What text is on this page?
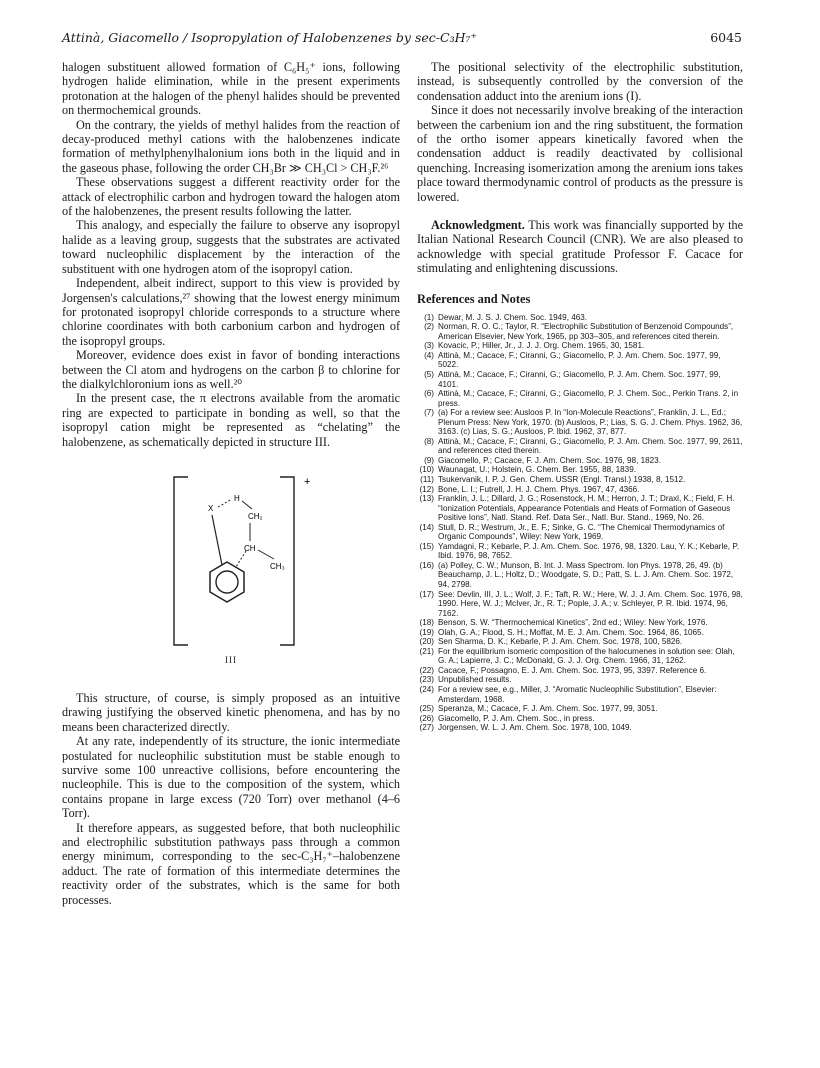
Attinà, Giacomello / Isopropylation of Halobenzenes by sec-C₃H₇⁺	6045

halogen substituent allowed formation of C₆H₅⁺ ions, following hydrogen halide elimination, while in the present experiments protonation at the halogen of the phenyl halides should be prevented on thermochemical grounds.

On the contrary, the yields of methyl halides from the reaction of decay-produced methyl cations with the halobenzenes indicate formation of methylphenylhalonium ions both in the liquid and in the gaseous phase, following the order CH₃Br ≫ CH₃Cl > CH₃F.²⁶

These observations suggest a different reactivity order for the attack of electrophilic carbon and hydrogen toward the halogen atom of the halobenzenes, the present results following the latter.

This analogy, and especially the failure to observe any isopropyl halide as a leaving group, suggests that the substrates are activated toward nucleophilic displacement by the interaction of the substituent with one hydrogen atom of the isopropyl cation.

Independent, albeit indirect, support to this view is provided by Jorgensen's calculations,²⁷ showing that the lowest energy minimum for protonated isopropyl chloride corresponds to a structure where chlorine coordinates with both carbonium carbon and hydrogen of the isopropyl groups.

Moreover, evidence does exist in favor of bonding interactions between the Cl atom and hydrogens on the carbon β to chlorine for the dialkylchloronium ions as well.²⁰

In the present case, the π electrons available from the aromatic ring are expected to participate in bonding as well, so that the isopropyl cation might be represented as “chelating” the halobenzene, as schematically depicted in structure III.

X
H
CH₂
CH
CH₃
+
III

This structure, of course, is simply proposed as an intuitive drawing justifying the observed kinetic phenomena, and has by no means been characterized directly.

At any rate, independently of its structure, the ionic intermediate postulated for nucleophilic substitution must be stable enough to survive some 100 unreactive collisions, before encountering the nucleophile. This is due to the composition of the system, which contains propane in large excess (720 Torr) over methanol (4–6 Torr).

It therefore appears, as suggested before, that both nucleophilic and electrophilic substitution pathways pass through a common energy minimum, corresponding to the sec-C₃H₇⁺–halobenzene adduct. The rate of formation of this intermediate determines the reactivity order of the substrates, which is the same for both processes.

The positional selectivity of the electrophilic substitution, instead, is subsequently controlled by the conversion of the condensation adduct into the arenium ions (I).

Since it does not necessarily involve breaking of the interaction between the carbenium ion and the ring substituent, the formation of the ortho isomer appears kinetically favored when the condensation adduct is readily deactivated by collisional quenching. Increasing isomerization among the arenium ions takes place toward thermodynamic control of products as the pressure is lowered.

Acknowledgment. This work was financially supported by the Italian National Research Council (CNR). We are also pleased to acknowledge with special gratitude Professor F. Cacace for stimulating and enlightening discussions.

References and Notes
(1) Dewar, M. J. S. J. Chem. Soc. 1949, 463.
(2) Norman, R. O. C.; Taylor, R. “Electrophilic Substitution of Benzenoid Compounds”, American Elsevier, New York, 1965, pp 303–305, and references cited therein.
(3) Kovacic, P.; Hiller, Jr., J. J. J. Org. Chem. 1965, 30, 1581.
(4) Attinà, M.; Cacace, F.; Ciranni, G.; Giacomello, P. J. Am. Chem. Soc. 1977, 99, 5022.
(5) Attinà, M.; Cacace, F.; Ciranni, G.; Giacomello, P. J. Am. Chem. Soc. 1977, 99, 4101.
(6) Attinà, M.; Cacace, F.; Ciranni, G.; Giacomello, P. J. Chem. Soc., Perkin Trans. 2, in press.
(7) (a) For a review see: Ausloos P. In “Ion-Molecule Reactions”, Franklin, J. L., Ed.; Plenum Press: New York, 1970. (b) Ausloos, P.; Lias, S. G. J. Chem. Phys. 1962, 36, 3163. (c) Lias, S. G.; Ausloos, P. Ibid. 1962, 37, 877.
(8) Attinà, M.; Cacace, F.; Ciranni, G.; Giacomello, P. J. Am. Chem. Soc. 1977, 99, 2611, and references cited therein.
(9) Giacomello, P.; Cacace, F. J. Am. Chem. Soc. 1976, 98, 1823.
(10) Waunagat, U.; Holstein, G. Chem. Ber. 1955, 88, 1839.
(11) Tsukervanik, I. P. J. Gen. Chem. USSR (Engl. Transl.) 1938, 8, 1512.
(12) Bone, L. I.; Futrell, J. H. J. Chem. Phys. 1967, 47, 4366.
(13) Franklin, J. L.; Dillard, J. G.; Rosenstock, H. M.; Herron, J. T.; Draxl, K.; Field, F. H. “Ionization Potentials, Appearance Potentials and Heats of Formation of Gaseous Positive Ions”, Natl. Stand. Ref. Data Ser., Natl. Bur. Stand., 1969, No. 26.
(14) Stull, D. R.; Westrum, Jr., E. F.; Sinke, G. C. “The Chemical Thermodynamics of Organic Compounds”, Wiley: New York, 1969.
(15) Yamdagni, R.; Kebarle, P. J. Am. Chem. Soc. 1976, 98, 1320. Lau, Y. K.; Kebarle, P. Ibid. 1976, 98, 7652.
(16) (a) Polley, C. W.; Munson, B. Int. J. Mass Spectrom. Ion Phys. 1978, 26, 49. (b) Beauchamp, J. L.; Holtz, D.; Woodgate, S. D.; Patt, S. L. J. Am. Chem. Soc. 1972, 94, 2798.
(17) See: Devlin, III, J. L.; Wolf, J. F.; Taft, R. W.; Here, W. J. J. Am. Chem. Soc. 1976, 98, 1990. Here, W. J.; McIver, Jr., R. T.; Pople, J. A.; v. Schleyer, P. R. Ibid. 1974, 96, 7162.
(18) Benson, S. W. “Thermochemical Kinetics”, 2nd ed.; Wiley: New York, 1976.
(19) Olah, G. A.; Flood, S. H.; Moffat, M. E. J. Am. Chem. Soc. 1964, 86, 1065.
(20) Sen Sharma, D. K.; Kebarle, P. J. Am. Chem. Soc. 1978, 100, 5826.
(21) For the equilibrium isomeric composition of the halocumenes in solution see: Olah, G. A.; Lapierre, J. C.; McDonald, G. J. J. Org. Chem. 1966, 31, 1262.
(22) Cacace, F.; Possagno, E. J. Am. Chem. Soc. 1973, 95, 3397. Reference 6.
(23) Unpublished results.
(24) For a review see, e.g., Miller, J. “Aromatic Nucleophilic Substitution”, Elsevier: Amsterdam, 1968.
(25) Speranza, M.; Cacace, F. J. Am. Chem. Soc. 1977, 99, 3051.
(26) Giacomello, P. J. Am. Chem. Soc., in press.
(27) Jorgensen, W. L. J. Am. Chem. Soc. 1978, 100, 1049.
